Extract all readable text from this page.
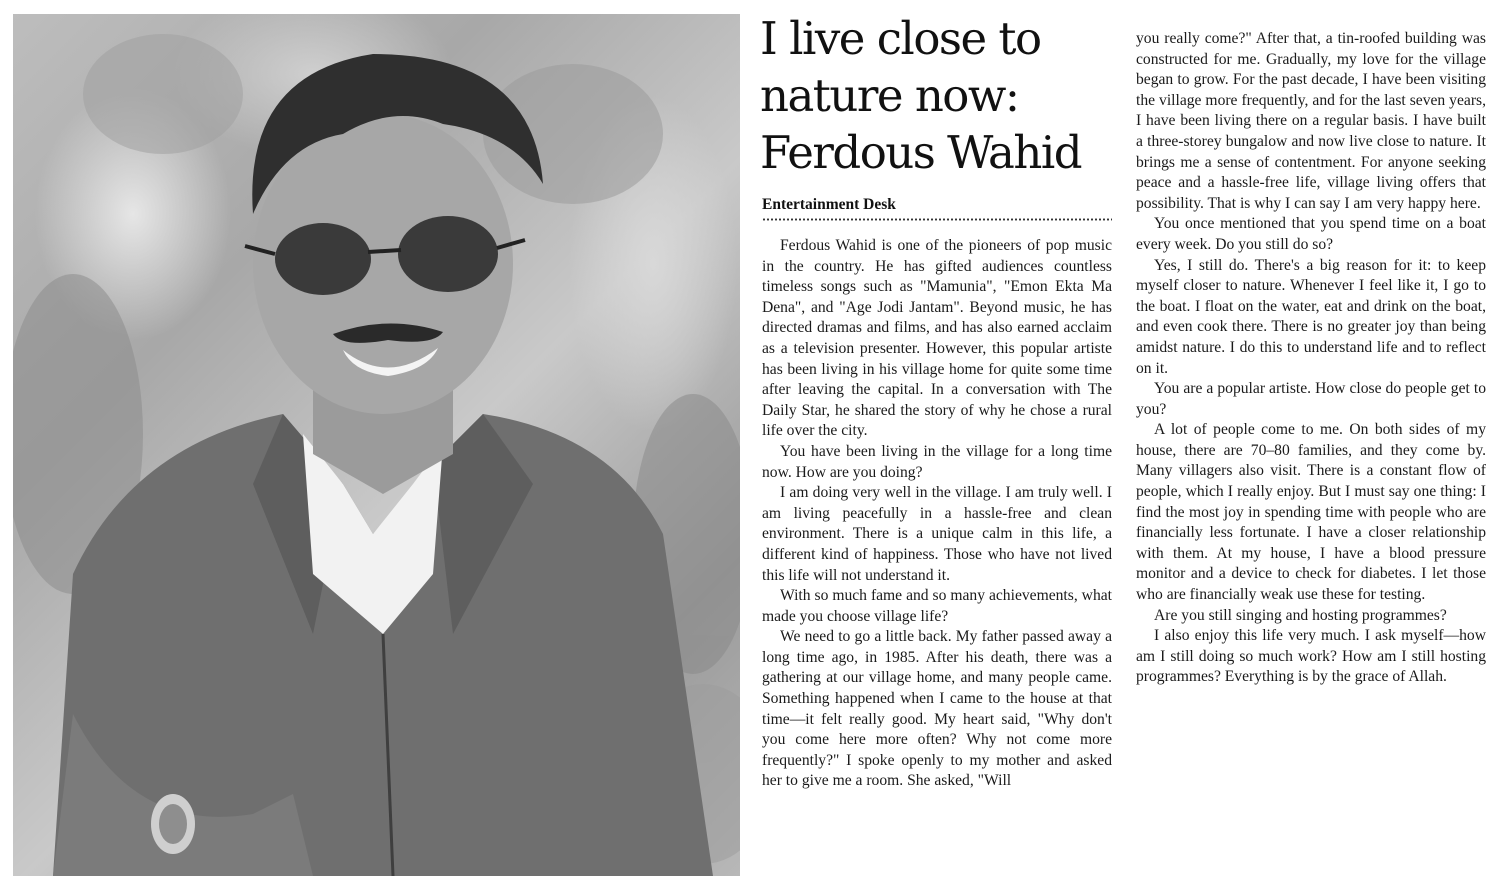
I live close to nature now: Ferdous Wahid
Entertainment Desk

Ferdous Wahid is one of the pioneers of pop music in the country. He has gifted audiences countless timeless songs such as "Mamunia", "Emon Ekta Ma Dena", and "Age Jodi Jantam". Beyond music, he has directed dramas and films, and has also earned acclaim as a television presenter. However, this popular artiste has been living in his village home for quite some time after leaving the capital. In a conversation with The Daily Star, he shared the story of why he chose a rural life over the city.

You have been living in the village for a long time now. How are you doing?

I am doing very well in the village. I am truly well. I am living peacefully in a hassle-free and clean environment. There is a unique calm in this life, a different kind of happiness. Those who have not lived this life will not understand it.

With so much fame and so many achievements, what made you choose village life?

We need to go a little back. My father passed away a long time ago, in 1985. After his death, there was a gathering at our village home, and many people came. Something happened when I came to the house at that time—it felt really good. My heart said, "Why don't you come here more often? Why not come more frequently?" I spoke openly to my mother and asked her to give me a room. She asked, "Will

you really come?" After that, a tin-roofed building was constructed for me. Gradually, my love for the village began to grow. For the past decade, I have been visiting the village more frequently, and for the last seven years, I have been living there on a regular basis. I have built a three-storey bungalow and now live close to nature. It brings me a sense of contentment. For anyone seeking peace and a hassle-free life, village living offers that possibility. That is why I can say I am very happy here.

You once mentioned that you spend time on a boat every week. Do you still do so?

Yes, I still do. There's a big reason for it: to keep myself closer to nature. Whenever I feel like it, I go to the boat. I float on the water, eat and drink on the boat, and even cook there. There is no greater joy than being amidst nature. I do this to understand life and to reflect on it.

You are a popular artiste. How close do people get to you?

A lot of people come to me. On both sides of my house, there are 70–80 families, and they come by. Many villagers also visit. There is a constant flow of people, which I really enjoy. But I must say one thing: I find the most joy in spending time with people who are financially less fortunate. I have a closer relationship with them. At my house, I have a blood pressure monitor and a device to check for diabetes. I let those who are financially weak use these for testing.

Are you still singing and hosting programmes?

I also enjoy this life very much. I ask myself—how am I still doing so much work? How am I still hosting programmes? Everything is by the grace of Allah.
